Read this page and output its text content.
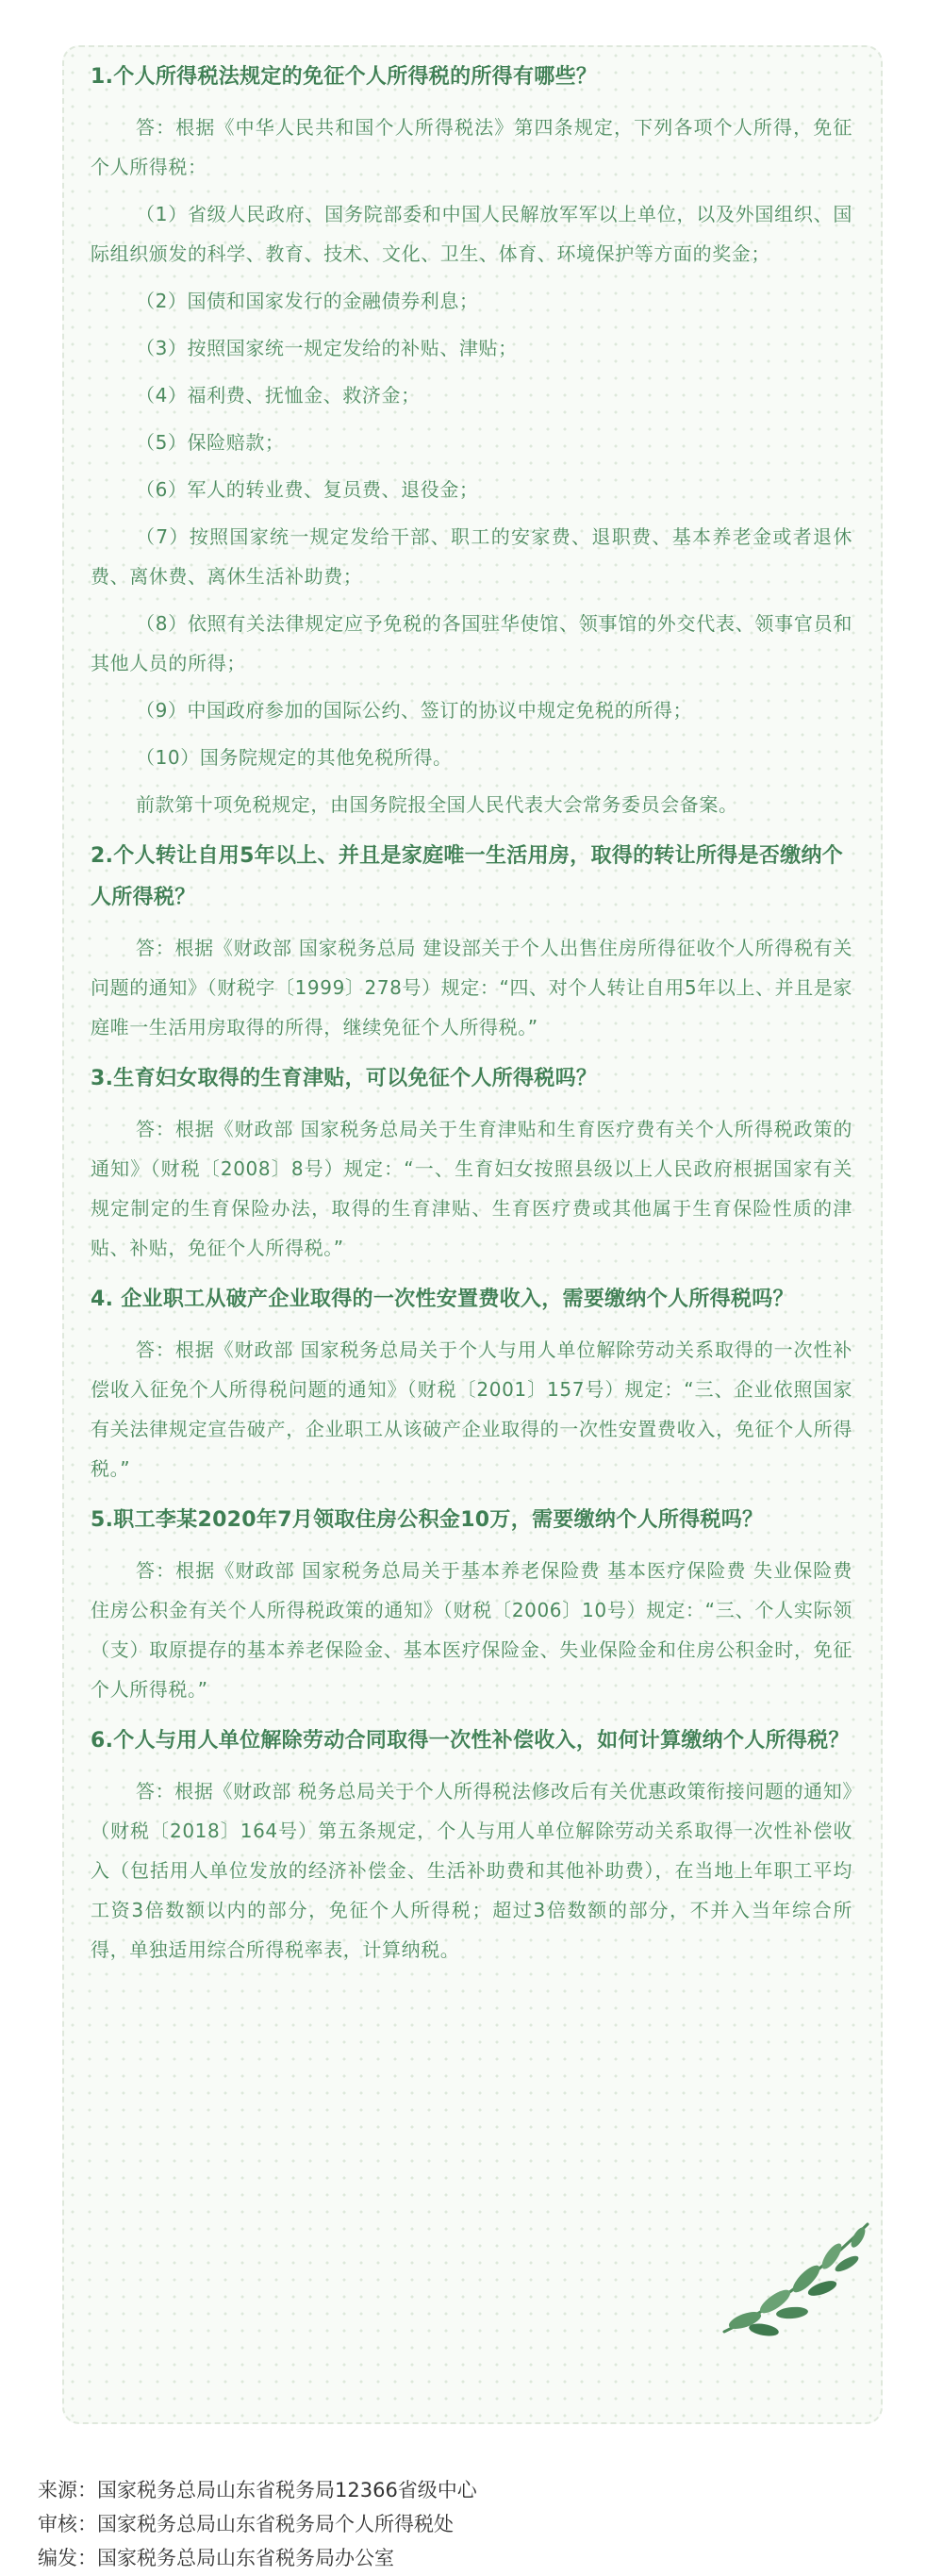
1.个人所得税法规定的免征个人所得税的所得有哪些？

答：根据《中华人民共和国个人所得税法》第四条规定，下列各项个人所得，免征个人所得税：

（1）省级人民政府、国务院部委和中国人民解放军军以上单位，以及外国组织、国际组织颁发的科学、教育、技术、文化、卫生、体育、环境保护等方面的奖金；

（2）国债和国家发行的金融债券利息；

（3）按照国家统一规定发给的补贴、津贴；

（4）福利费、抚恤金、救济金；

（5）保险赔款；

（6）军人的转业费、复员费、退役金；

（7）按照国家统一规定发给干部、职工的安家费、退职费、基本养老金或者退休费、离休费、离休生活补助费；

（8）依照有关法律规定应予免税的各国驻华使馆、领事馆的外交代表、领事官员和其他人员的所得；

（9）中国政府参加的国际公约、签订的协议中规定免税的所得；

（10）国务院规定的其他免税所得。

前款第十项免税规定，由国务院报全国人民代表大会常务委员会备案。

2.个人转让自用5年以上、并且是家庭唯一生活用房，取得的转让所得是否缴纳个人所得税？

答：根据《财政部 国家税务总局 建设部关于个人出售住房所得征收个人所得税有关问题的通知》（财税字〔1999〕278号）规定：“四、对个人转让自用5年以上、并且是家庭唯一生活用房取得的所得，继续免征个人所得税。”

3.生育妇女取得的生育津贴，可以免征个人所得税吗？

答：根据《财政部 国家税务总局关于生育津贴和生育医疗费有关个人所得税政策的通知》（财税〔2008〕8号）规定：“一、生育妇女按照县级以上人民政府根据国家有关规定制定的生育保险办法，取得的生育津贴、生育医疗费或其他属于生育保险性质的津贴、补贴，免征个人所得税。”

4. 企业职工从破产企业取得的一次性安置费收入，需要缴纳个人所得税吗？

答：根据《财政部 国家税务总局关于个人与用人单位解除劳动关系取得的一次性补偿收入征免个人所得税问题的通知》（财税〔2001〕157号）规定：“三、企业依照国家有关法律规定宣告破产，企业职工从该破产企业取得的一次性安置费收入，免征个人所得税。”

5.职工李某2020年7月领取住房公积金10万，需要缴纳个人所得税吗？

答：根据《财政部 国家税务总局关于基本养老保险费 基本医疗保险费 失业保险费 住房公积金有关个人所得税政策的通知》（财税〔2006〕10号）规定：“三、个人实际领（支）取原提存的基本养老保险金、基本医疗保险金、失业保险金和住房公积金时，免征个人所得税。”

6.个人与用人单位解除劳动合同取得一次性补偿收入，如何计算缴纳个人所得税？

答：根据《财政部 税务总局关于个人所得税法修改后有关优惠政策衔接问题的通知》（财税〔2018〕164号）第五条规定，个人与用人单位解除劳动关系取得一次性补偿收入（包括用人单位发放的经济补偿金、生活补助费和其他补助费），在当地上年职工平均工资3倍数额以内的部分，免征个人所得税；超过3倍数额的部分，不并入当年综合所得，单独适用综合所得税率表，计算纳税。

来源：国家税务总局山东省税务局12366省级中心
审核：国家税务总局山东省税务局个人所得税处
编发：国家税务总局山东省税务局办公室
